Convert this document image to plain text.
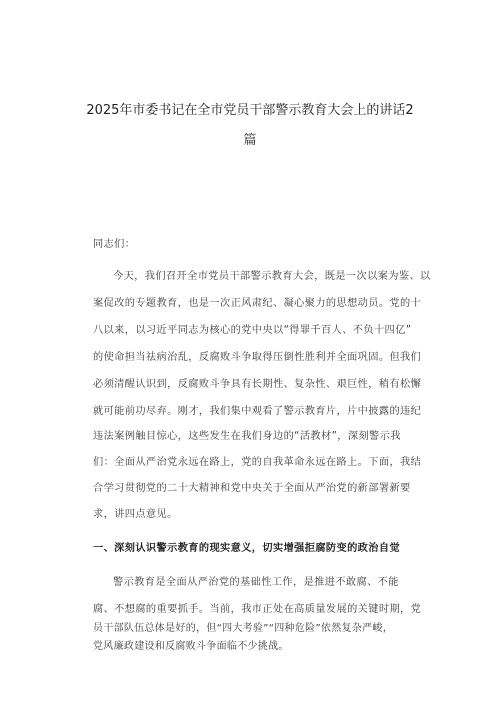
2025年市委书记在全市党员干部警示教育大会上的讲话2
篇
同志们：
今天，我们召开全市党员干部警示教育大会，既是一次以案为鉴、以
案促改的专题教育，也是一次正风肃纪、凝心聚力的思想动员。党的十
八以来，以习近平同志为核心的党中央以“得罪千百人、不负十四亿”
的使命担当祛病治乱，反腐败斗争取得压倒性胜利并全面巩固。但我们
必须清醒认识到，反腐败斗争具有长期性、复杂性、艰巨性，稍有松懈
就可能前功尽弃。刚才，我们集中观看了警示教育片，片中披露的违纪
违法案例触目惊心，这些发生在我们身边的“活教材”，深刻警示我
们：全面从严治党永远在路上，党的自我革命永远在路上。下面，我结
合学习贯彻党的二十大精神和党中央关于全面从严治党的新部署新要
求，讲四点意见。
一、深刻认识警示教育的现实意义，切实增强拒腐防变的政治自觉
警示教育是全面从严治党的基础性工作，是推进不敢腐、不能
腐、不想腐的重要抓手。当前，我市正处在高质量发展的关键时期，党
员干部队伍总体是好的，但“四大考验”“四种危险”依然复杂严峻，
党风廉政建设和反腐败斗争面临不少挑战。
